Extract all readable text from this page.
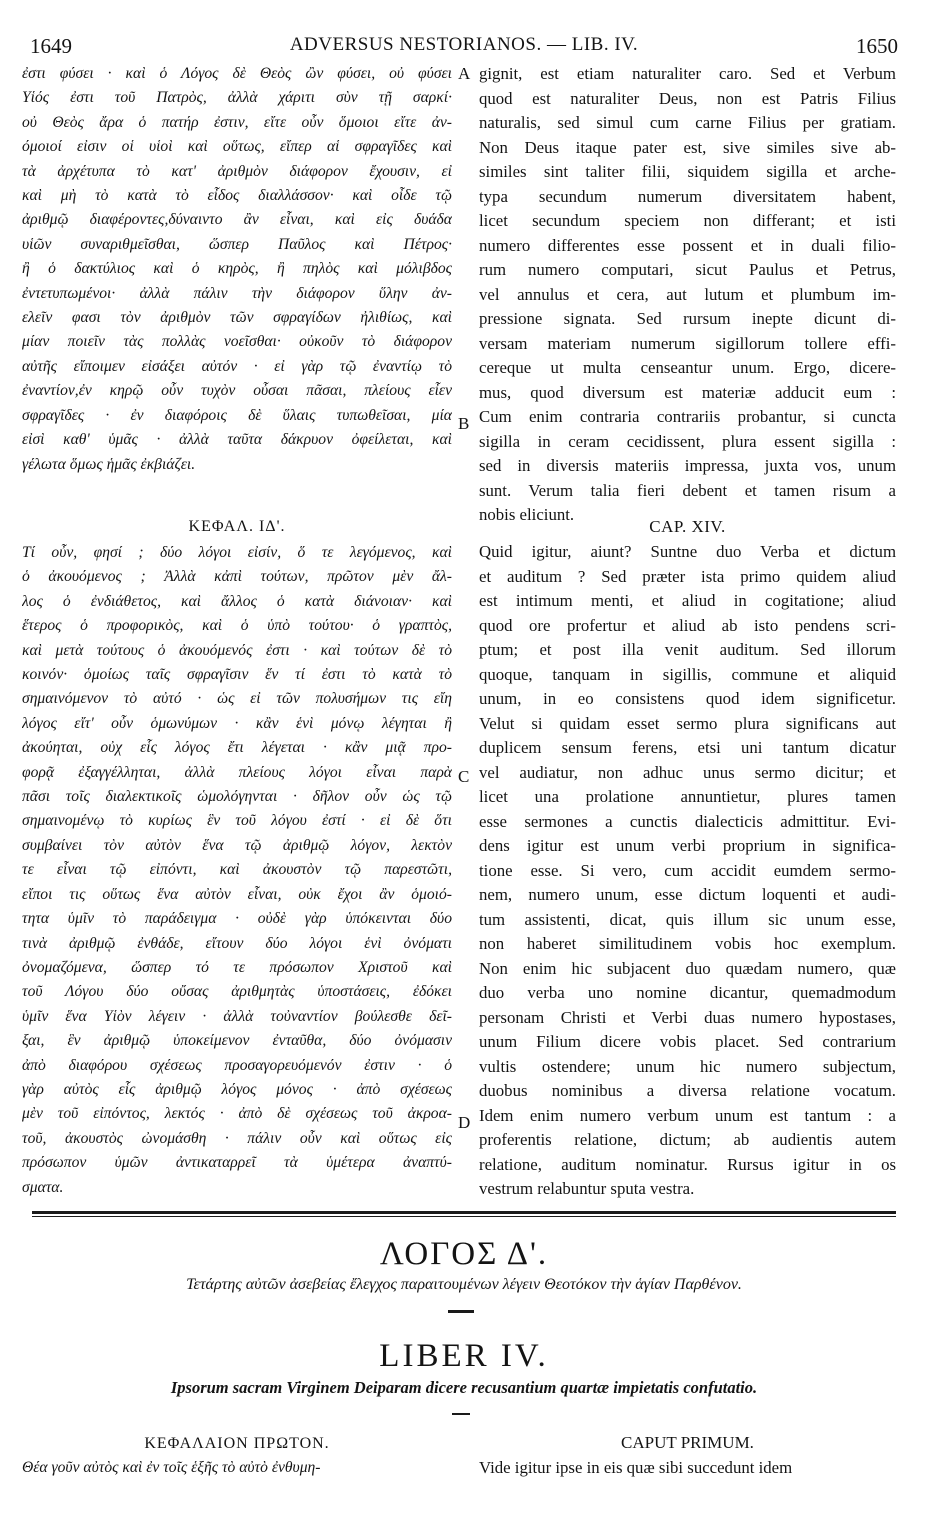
1649	ADVERSUS NESTORIANOS. — LIB. IV.	1650
ἐστι φύσει · καὶ ὁ Λόγος δὲ Θεὸς ὢν φύσει, οὐ φύσει
Υἱός ἐστι τοῦ Πατρὸς, ἀλλὰ χάριτι σὺν τῇ σαρκί·
οὐ Θεὸς ἄρα ὁ πατήρ ἐστιν, εἴτε οὖν ὅμοιοι εἴτε ἀν-
όμοιοί εἰσιν οἱ υἱοὶ καὶ οὕτως, εἴπερ αἱ σφραγῖδες καὶ
τὰ ἀρχέτυπα τὸ κατ' ἀριθμὸν διάφορον ἔχουσιν, εἰ
καὶ μὴ τὸ κατὰ τὸ εἶδος διαλλάσσον· καὶ οἶδε τῷ
ἀριθμῷ διαφέροντες,δύναιντο ἂν εἶναι, καὶ εἰς δυάδα
υἱῶν συναριθμεῖσθαι, ὥσπερ Παῦλος καὶ Πέτρος·
ἢ ὁ δακτύλιος καὶ ὁ κηρὸς, ἢ πηλὸς καὶ μόλιβδος
ἐντετυπωμένοι· ἀλλὰ πάλιν τὴν διάφορον ὕλην ἀν-
ελεῖν φασι τὸν ἀριθμὸν τῶν σφραγίδων ἠλιθίως, καὶ
μίαν ποιεῖν τὰς πολλὰς νοεῖσθαι· οὐκοῦν τὸ διάφορον
αὐτῆς εἴποιμεν εἰσάξει αὐτόν · εἰ γὰρ τῷ ἐναντίῳ τὸ
ἐναντίον,ἐν κηρῷ οὖν τυχὸν οὖσαι πᾶσαι, πλείους εἶεν
σφραγῖδες · ἐν διαφόροις δὲ ὕλαις τυπωθεῖσαι, μία
εἰσὶ καθ' ὑμᾶς · ἀλλὰ ταῦτα δάκρυον ὀφείλεται, καὶ
γέλωτα ὅμως ἡμᾶς ἐκβιάζει.
gignit, est etiam naturaliter caro. Sed et Verbum
quod est naturaliter Deus, non est Patris Filius
naturalis, sed simul cum carne Filius per gratiam.
Non Deus itaque pater est, sive similes sive ab-
similes sint taliter filii, siquidem sigilla et arche-
typa secundum numerum diversitatem habent,
licet secundum speciem non differant; et isti
numero differentes esse possent et in duali filio-
rum numero computari, sicut Paulus et Petrus,
vel annulus et cera, aut lutum et plumbum im-
pressione signata. Sed rursum inepte dicunt di-
versam materiam numerum sigillorum tollere effi-
cereque ut multa censeantur unum. Ergo, dicere-
mus, quod diversum est materiæ adducit eum :
Cum enim contraria contrariis probantur, si cuncta
sigilla in ceram cecidissent, plura essent sigilla :
sed in diversis materiis impressa, juxta vos, unum
sunt. Verum talia fieri debent et tamen risum a
nobis eliciunt.
A
B
C
D
ΚΕΦΑΛ. ΙΔ'.	CAP. XIV.
Τί οὖν, φησί ; δύο λόγοι εἰσίν, ὅ τε λεγόμενος, καὶ
ὁ ἀκουόμενος ; Ἀλλὰ κἀπὶ τούτων, πρῶτον μὲν ἄλ-
λος ὁ ἐνδιάθετος, καὶ ἄλλος ὁ κατὰ διάνοιαν· καὶ
ἕτερος ὁ προφορικὸς, καὶ ὁ ὑπὸ τούτου· ὁ γραπτὸς,
καὶ μετὰ τούτους ὁ ἀκουόμενός ἐστι · καὶ τούτων δὲ τὸ
κοινόν· ὁμοίως ταῖς σφραγῖσιν ἕν τί ἐστι τὸ κατὰ τὸ
σημαινόμενον τὸ αὐτό · ὡς εἰ τῶν πολυσήμων τις εἴη
λόγος εἴτ' οὖν ὁμωνύμων · κἂν ἑνὶ μόνῳ λέγηται ἢ
ἀκούηται, οὐχ εἷς λόγος ἔτι λέγεται · κἂν μιᾷ προ-
φορᾷ ἐξαγγέλληται, ἀλλὰ πλείους λόγοι εἶναι παρὰ
πᾶσι τοῖς διαλεκτικοῖς ὡμολόγηνται · δῆλον οὖν ὡς τῷ
σημαινομένῳ τὸ κυρίως ἓν τοῦ λόγου ἐστί · εἰ δὲ ὅτι
συμβαίνει τὸν αὐτὸν ἕνα τῷ ἀριθμῷ λόγον, λεκτὸν
τε εἶναι τῷ εἰπόντι, καὶ ἀκουστὸν τῷ παρεστῶτι,
εἴποι τις οὕτως ἕνα αὐτὸν εἶναι, οὐκ ἔχοι ἂν ὁμοιό-
τητα ὑμῖν τὸ παράδειγμα · οὐδὲ γὰρ ὑπόκεινται δύο
τινὰ ἀριθμῷ ἐνθάδε, εἴτουν δύο λόγοι ἑνὶ ὀνόματι
ὀνομαζόμενα, ὥσπερ τό τε πρόσωπον Χριστοῦ καὶ
τοῦ Λόγου δύο οὔσας ἀριθμητὰς ὑποστάσεις, ἐδόκει
ὑμῖν ἕνα Υἱὸν λέγειν · ἀλλὰ τοὐναντίον βούλεσθε δεῖ-
ξαι, ἓν ἀριθμῷ ὑποκείμενον ἐνταῦθα, δύο ὀνόμασιν
ἀπὸ διαφόρου σχέσεως προσαγορευόμενόν ἐστιν · ὁ
γὰρ αὐτὸς εἷς ἀριθμῷ λόγος μόνος · ἀπὸ σχέσεως
μὲν τοῦ εἰπόντος, λεκτός · ἀπὸ δὲ σχέσεως τοῦ ἀκροα-
τοῦ, ἀκουστὸς ὠνομάσθη · πάλιν οὖν καὶ οὕτως εἰς
πρόσωπον ὑμῶν ἀντικαταρρεῖ τὰ ὑμέτερα ἀναπτύ-
σματα.
Quid igitur, aiunt? Suntne duo Verba et dictum
et auditum ? Sed præter ista primo quidem aliud
est intimum menti, et aliud in cogitatione; aliud
quod ore profertur et aliud ab isto pendens scri-
ptum; et post illa venit auditum. Sed illorum
quoque, tanquam in sigillis, commune et aliquid
unum, in eo consistens quod idem significetur.
Velut si quidam esset sermo plura significans aut
duplicem sensum ferens, etsi uni tantum dicatur
vel audiatur, non adhuc unus sermo dicitur; et
licet una prolatione annuntietur, plures tamen
esse sermones a cunctis dialecticis admittitur. Evi-
dens igitur est unum verbi proprium in significa-
tione esse. Si vero, cum accidit eumdem sermo-
nem, numero unum, esse dictum loquenti et audi-
tum assistenti, dicat, quis illum sic unum esse,
non haberet similitudinem vobis hoc exemplum.
Non enim hic subjacent duo quædam numero, quæ
duo verba uno nomine dicantur, quemadmodum
personam Christi et Verbi duas numero hypostases,
unum Filium dicere vobis placet. Sed contrarium
vultis ostendere; unum hic numero subjectum,
duobus nominibus a diversa relatione vocatum.
Idem enim numero verbum unum est tantum : a
proferentis relatione, dictum; ab audientis autem
relatione, auditum nominatur. Rursus igitur in os
vestrum relabuntur sputa vestra.
ΛΟΓΟΣ Δ'.
Τετάρτης αὐτῶν ἀσεβείας ἔλεγχος παραιτουμένων λέγειν Θεοτόκον τὴν ἁγίαν Παρθένον.
LIBER IV.
Ipsorum sacram Virginem Deiparam dicere recusantium quartæ impietatis confutatio.
ΚΕΦΑΛΑΙΟΝ ΠΡΩΤΟΝ.	CAPUT PRIMUM.
Θέα γοῦν αὐτὸς καὶ ἐν τοῖς ἑξῆς τὸ αὐτὸ ἐνθυμη-	Vide igitur ipse in eis quæ sibi succedunt idem
